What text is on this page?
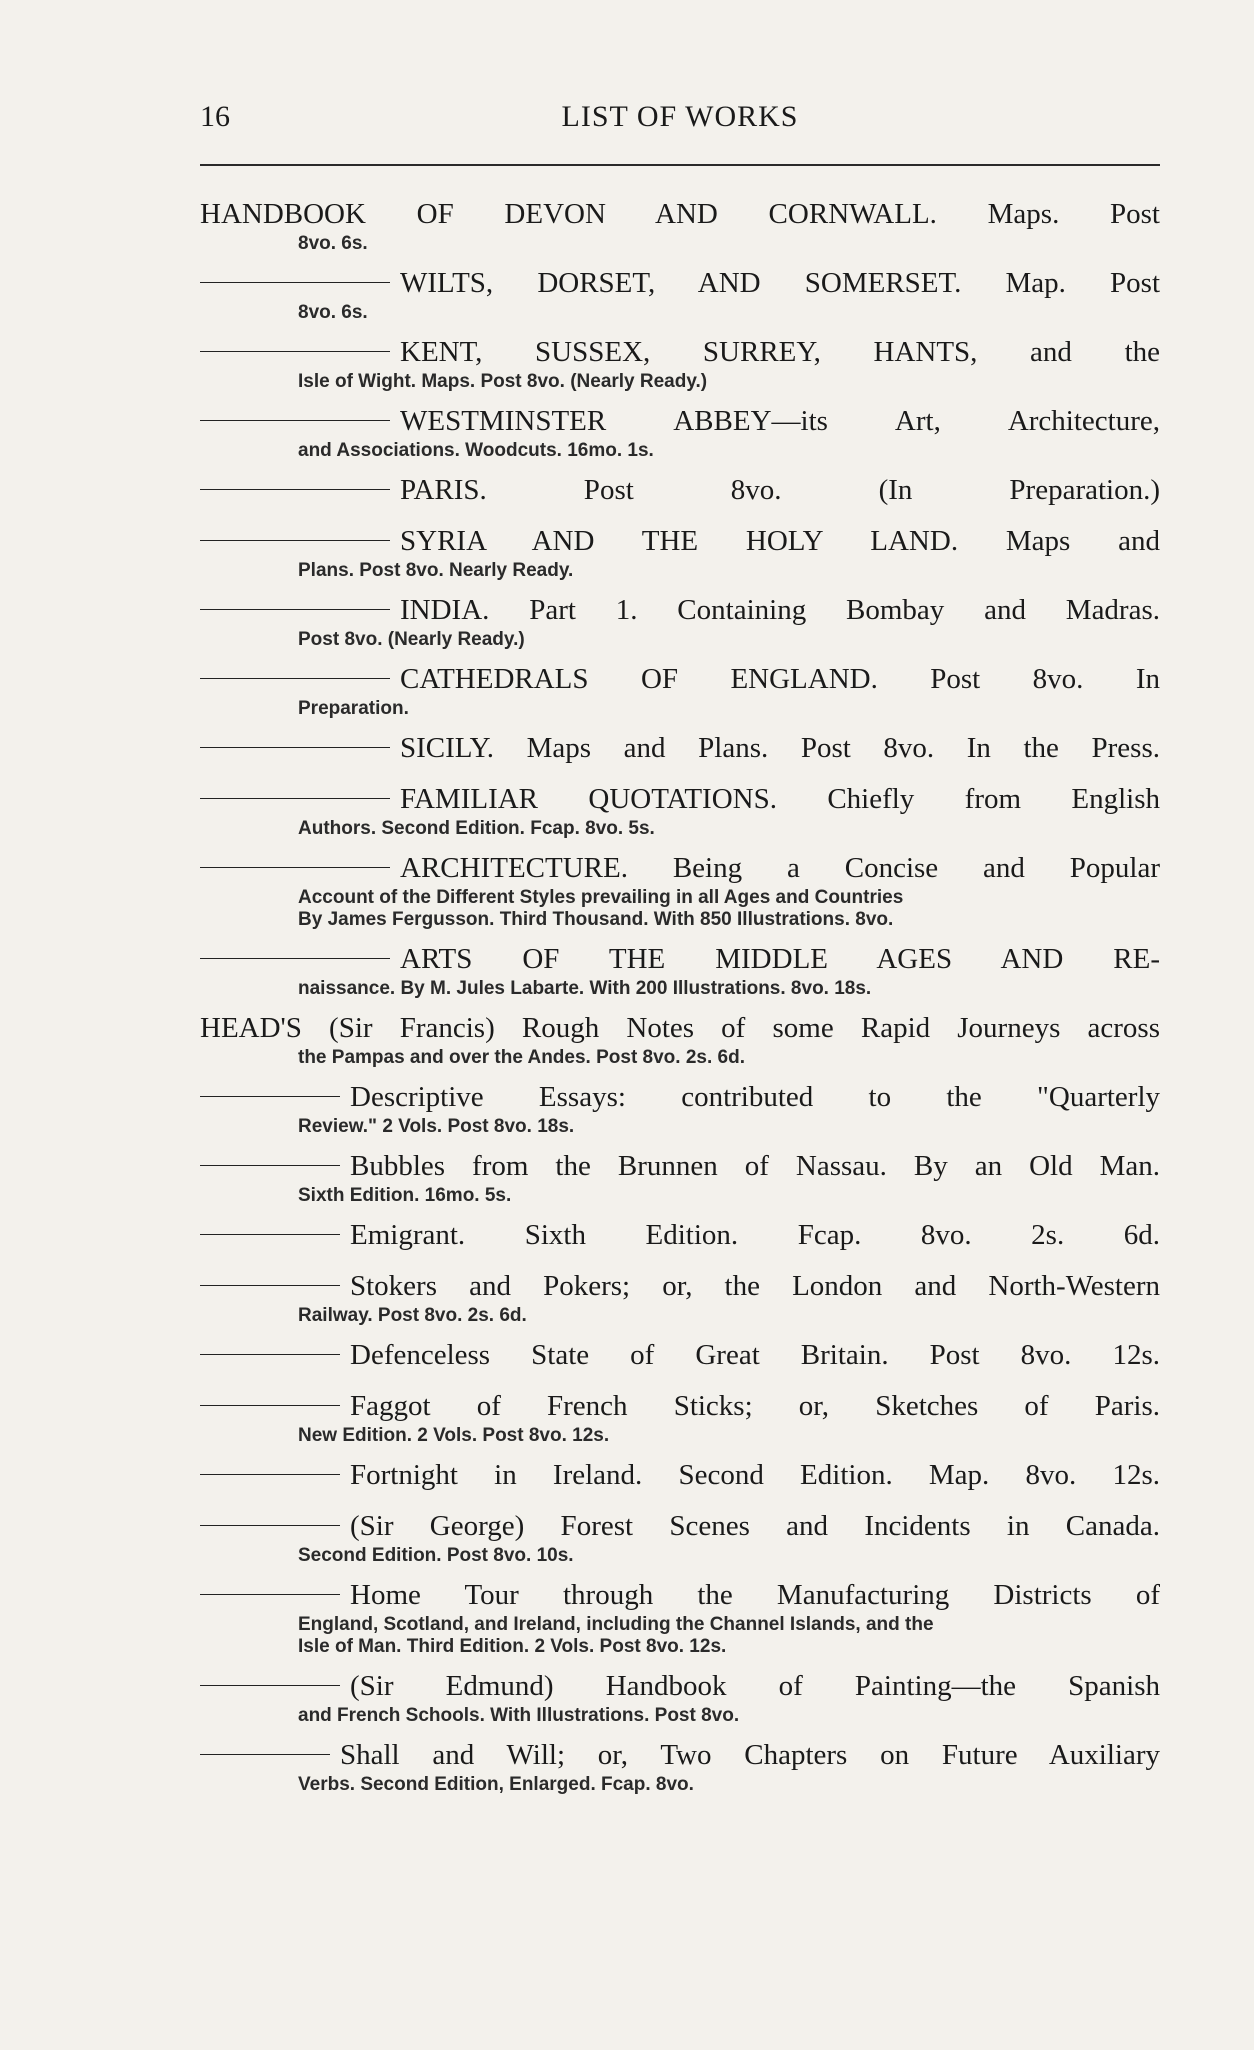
16	LIST OF WORKS
HANDBOOK OF DEVON AND CORNWALL. Maps. Post
8vo. 6s.
WILTS, DORSET, AND SOMERSET. Map. Post
8vo. 6s.
KENT, SUSSEX, SURREY, HANTS, and the
Isle of Wight. Maps. Post 8vo. (Nearly Ready.)
WESTMINSTER ABBEY—its Art, Architecture,
and Associations. Woodcuts. 16mo. 1s.
PARIS. Post 8vo. (In Preparation.)
SYRIA AND THE HOLY LAND. Maps and
Plans. Post 8vo. Nearly Ready.
INDIA. Part 1. Containing Bombay and Madras.
Post 8vo. (Nearly Ready.)
CATHEDRALS OF ENGLAND. Post 8vo. In
Preparation.
SICILY. Maps and Plans. Post 8vo. In the Press.
FAMILIAR QUOTATIONS. Chiefly from English
Authors. Second Edition. Fcap. 8vo. 5s.
ARCHITECTURE. Being a Concise and Popular
Account of the Different Styles prevailing in all Ages and Countries
By James Fergusson. Third Thousand. With 850 Illustrations. 8vo.
ARTS OF THE MIDDLE AGES AND RE-
naissance. By M. Jules Labarte. With 200 Illustrations. 8vo. 18s.
HEAD'S (Sir Francis) Rough Notes of some Rapid Journeys across
the Pampas and over the Andes. Post 8vo. 2s. 6d.
Descriptive Essays: contributed to the "Quarterly
Review." 2 Vols. Post 8vo. 18s.
Bubbles from the Brunnen of Nassau. By an Old Man.
Sixth Edition. 16mo. 5s.
Emigrant. Sixth Edition. Fcap. 8vo. 2s. 6d.
Stokers and Pokers; or, the London and North-Western
Railway. Post 8vo. 2s. 6d.
Defenceless State of Great Britain. Post 8vo. 12s.
Faggot of French Sticks; or, Sketches of Paris.
New Edition. 2 Vols. Post 8vo. 12s.
Fortnight in Ireland. Second Edition. Map. 8vo. 12s.
(Sir George) Forest Scenes and Incidents in Canada.
Second Edition. Post 8vo. 10s.
Home Tour through the Manufacturing Districts of
England, Scotland, and Ireland, including the Channel Islands, and the
Isle of Man. Third Edition. 2 Vols. Post 8vo. 12s.
(Sir Edmund) Handbook of Painting—the Spanish
and French Schools. With Illustrations. Post 8vo.
Shall and Will; or, Two Chapters on Future Auxiliary
Verbs. Second Edition, Enlarged. Fcap. 8vo.
